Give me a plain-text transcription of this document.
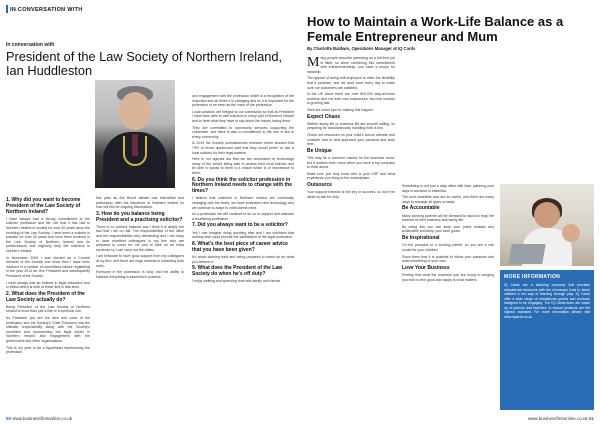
IN CONVERSATION WITH
In conversation with
President of the Law Society of Northern Ireland, Ian Huddleston
1. Why did you want to become President of the Law Society of Northern Ireland?

I have always had a strong commitment to the solicitor profession and the role that it has had in Northern Ireland in society for over 90 years since the founding of the Law Society. I have been a solicitor in practice for over 30 years and have been involved in the Law Society of Northern Ireland and its predecessors and regularly help the solicitors in Northern Ireland.

In November 2009 I was elected as a Council member of the Society and since then I have been involved in a number of committees before registering in the year 2013 as Vice President and subsequently President of the Society.

I have always had an interest in legal education and in ethics which is both of these tied in that area.

2. What does the President of the Law Society actually do?

Being President of the Law Society of Northern Ireland is more than just a title or a symbolic role.

As President you are the face and voice of the profession and the Society's Chief Executive has the ultimate responsibility along with the Society's members and representing the legal sector in Northern Ireland and engagement with the government and other organisations.

This is my year to be a figurehead representing the profession.

this year as the Brexit debate has intensified and particularly after the departure of Northern Ireland on how will this be ongoing discussions.

3. How do you balance being President and a practising solicitor?

There is no 'perfect' balance and I think it is simply the fact that I am on call. The responsibilities of the office and the responsibilities very demanding and I am lucky to have excellent colleagues in my firm who are prepared to cover for me and to take on an extra workload so I can carry out the duties.

I am fortunate to have good support from my colleagues at my firm, and there are huge rewards in balancing both roles.

Everyone in the profession is busy and the ability to balance everything is essential in practice.

and engagement with the profession which is a recognition of the important and all times it is changing and so it is important for the profession to be seen as the voice of the profession.

Local solicitors are integral to our community so that as President I have been able to visit solicitors in every part of Northern Ireland and to hear what they have to say about the issues facing them.

They are committed to community services supporting the vulnerable, and there is also a commitment to the rule of law in every community.

In 2019 the Society commissioned research which showed that 79% of those questioned said that they would prefer to use a local solicitor for their legal matters.

Here in our agenda are that we are dominated by technology many of the voices being able to access their local solicitor and be able to speak to them is a choice which is of importance to them.

6. Do you think the solicitor profession in Northern Ireland needs to change with the times?

I believe that solicitors in Northern Ireland are continually changing with the times, we have embraced new technology and we continue to adapt to what clients need.

As a profession we will continue to do so to support and maintain a flourishing profession.

7. Did you always want to be a solicitor?

Yes I can imagine doing anything else and I am confident that nothing else could provide the satisfaction of the legal profession.

8. What's the best piece of career advice that you have been given?

It's about working hard and being prepared to stand up for what you believe in.

9. What does the President of the Law Society do when he's off duty?

I enjoy walking and spending time with family and friends.

50 www.businessfirstonline.co.uk
How to Maintain a Work-Life Balance as a Female Entrepreneur and Mum
By Charlotte Baldwin, Operations Manager at IQ Cards

Many people describe parenting as a full time job in itself, so when combining this commitment with entrepreneurship, you have a recipe for hardship.

The appeal of being self-employed is often the flexibility that it provides, and we work hard every day to make sure our customers are satisfied.

In the UK alone there are over 800,000 stay-at-home mothers who run their own businesses, and this number is growing fast.

Here are some tips for making this happen.

Expect Chaos

Neither family life or business life are smooth sailing, so preparing for simultaneously handling both is key.

Check out resources on your child's school website and consider how to best approach your personal and work time.

Be Unique

This may be a common mantra for the business world, but it matters even more when you have a toy company to think about.

Make sure you truly know who is your USP and what experience you bring to the marketplace.

Outsource

Your support network is the key to success, so don't be afraid to ask for help.

Scheduling is not just a daily affair with kids; planning your days in advance is essential.

The tools available now are so useful, and there are many ways to manage all types of tasks.

Be Accountable

Many working parents will be stressed to stand to reap the balance of their business and family life.

By doing this you can keep your plans realistic and achievable and keep your work goals.

Be Inspirational

On the prospect of a working parent, so you are a role model for your children.

Show them that it is possible to follow your passions and build something of your own.

Love Your Business

Feeling that what the business you are doing is bringing you both to feel good and happy is what matters.	MORE INFORMATION
IQ Cards are a teaching company that provides educational resources with the necessary tools to teach children a fun way of learning through play. IQ Cards offer a wide range of educational games and products designed to be engaging. The IQ Cards team are made up of parents and teachers, to ensure products are the highest standard. For more information please visit www.iqcards.co.uk
www.businessfirstonline.co.uk 51
